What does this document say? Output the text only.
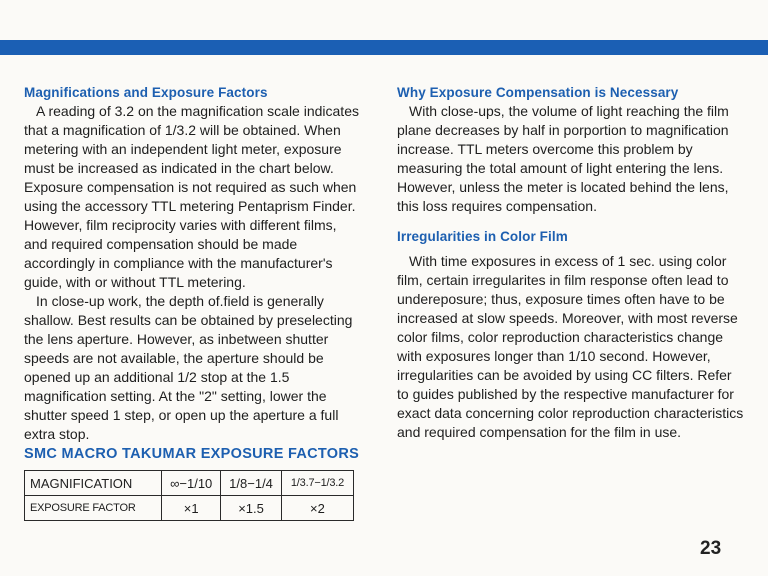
Magnifications and Exposure Factors

A reading of 3.2 on the magnification scale indicates that a magnification of 1/3.2 will be obtained. When metering with an independent light meter, exposure must be increased as indicated in the chart below. Exposure compensation is not required as such when using the accessory TTL metering Pentaprism Finder. However, film reciprocity varies with different films, and required compensation should be made accordingly in compliance with the manufacturer's guide, with or without TTL metering.

In close-up work, the depth of.field is generally shallow. Best results can be obtained by preselecting the lens aperture. However, as inbetween shutter speeds are not available, the aperture should be opened up an additional 1/2 stop at the 1.5 magnification setting. At the "2" setting, lower the shutter speed 1 step, or open up the aperture a full extra stop.

SMC MACRO TAKUMAR EXPOSURE FACTORS
MAGNIFICATION	∞−1/10	1/8−1/4	1/3.7−1/3.2
EXPOSURE FACTOR	×1	×1.5	×2
Why Exposure Compensation is Necessary

With close-ups, the volume of light reaching the film plane decreases by half in porportion to magnification increase. TTL meters overcome this problem by measuring the total amount of light entering the lens. However, unless the meter is located behind the lens, this loss requires compensation.

Irregularities in Color Film

With time exposures in excess of 1 sec. using color film, certain irregularites in film response often lead to undereposure; thus, exposure times often have to be increased at slow speeds. Moreover, with most reverse color films, color reproduction characteristics change with exposures longer than 1/10 second. However, irregularities can be avoided by using CC filters. Refer to guides published by the respective manufacturer for exact data concerning color reproduction characteristics and required compensation for the film in use.

23
